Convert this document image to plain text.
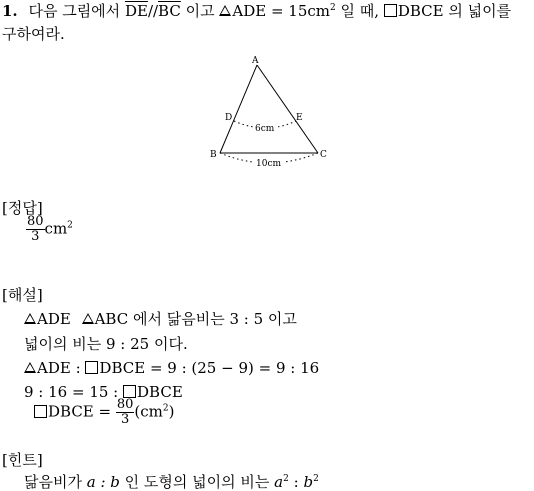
1. 다음 그림에서 $\overline{DE}//\overline{BC}$ 이고 ADE = $15cm^2$ 일 때, DBCE 의 넓이를
구하여라.
6cm
10cm
A
D	E
B	C
[정답]
$\frac{80}{3} cm^2$
[해설]
ADE ABC 에서 닮음비는 3 : 5 이고
넓이의 비는 9 : 25 이다.
ADE : DBCE = 9 : (25 − 9) = 9 : 16
9 : 16 = 15 : DBCE
DBCE = $\frac{80}{3} (cm^2)$
[힌트]
닮음비가 a : b 인 도형의 넓이의 비는 $a^2$ : $b^2$
